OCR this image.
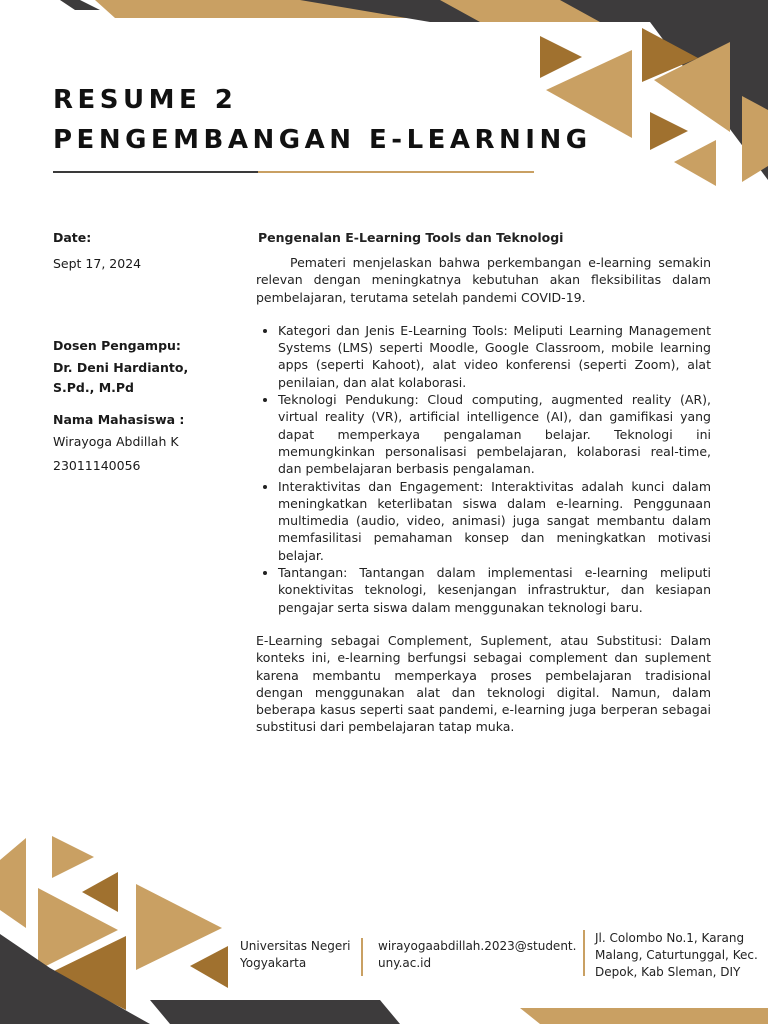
RESUME 2
PENGEMBANGAN E-LEARNING
Date:
Sept 17, 2024
Dosen Pengampu:
Dr. Deni Hardianto, S.Pd., M.Pd
Nama Mahasiswa :
Wirayoga Abdillah K
23011140056
Pengenalan E-Learning Tools dan Teknologi

Pemateri menjelaskan bahwa perkembangan e-learning semakin relevan dengan meningkatnya kebutuhan akan fleksibilitas dalam pembelajaran, terutama setelah pandemi COVID-19.

• Kategori dan Jenis E-Learning Tools: Meliputi Learning Management Systems (LMS) seperti Moodle, Google Classroom, mobile learning apps (seperti Kahoot), alat video konferensi (seperti Zoom), alat penilaian, dan alat kolaborasi.
• Teknologi Pendukung: Cloud computing, augmented reality (AR), virtual reality (VR), artificial intelligence (AI), dan gamifikasi yang dapat memperkaya pengalaman belajar. Teknologi ini memungkinkan personalisasi pembelajaran, kolaborasi real-time, dan pembelajaran berbasis pengalaman.
• Interaktivitas dan Engagement: Interaktivitas adalah kunci dalam meningkatkan keterlibatan siswa dalam e-learning. Penggunaan multimedia (audio, video, animasi) juga sangat membantu dalam memfasilitasi pemahaman konsep dan meningkatkan motivasi belajar.
• Tantangan: Tantangan dalam implementasi e-learning meliputi konektivitas teknologi, kesenjangan infrastruktur, dan kesiapan pengajar serta siswa dalam menggunakan teknologi baru.

E-Learning sebagai Complement, Suplement, atau Substitusi: Dalam konteks ini, e-learning berfungsi sebagai complement dan suplement karena membantu memperkaya proses pembelajaran tradisional dengan menggunakan alat dan teknologi digital. Namun, dalam beberapa kasus seperti saat pandemi, e-learning juga berperan sebagai substitusi dari pembelajaran tatap muka.

Universitas Negeri
Yogyakarta
wirayogaabdillah.2023@student.
uny.ac.id
Jl. Colombo No.1, Karang
Malang, Caturtunggal, Kec.
Depok, Kab Sleman, DIY
